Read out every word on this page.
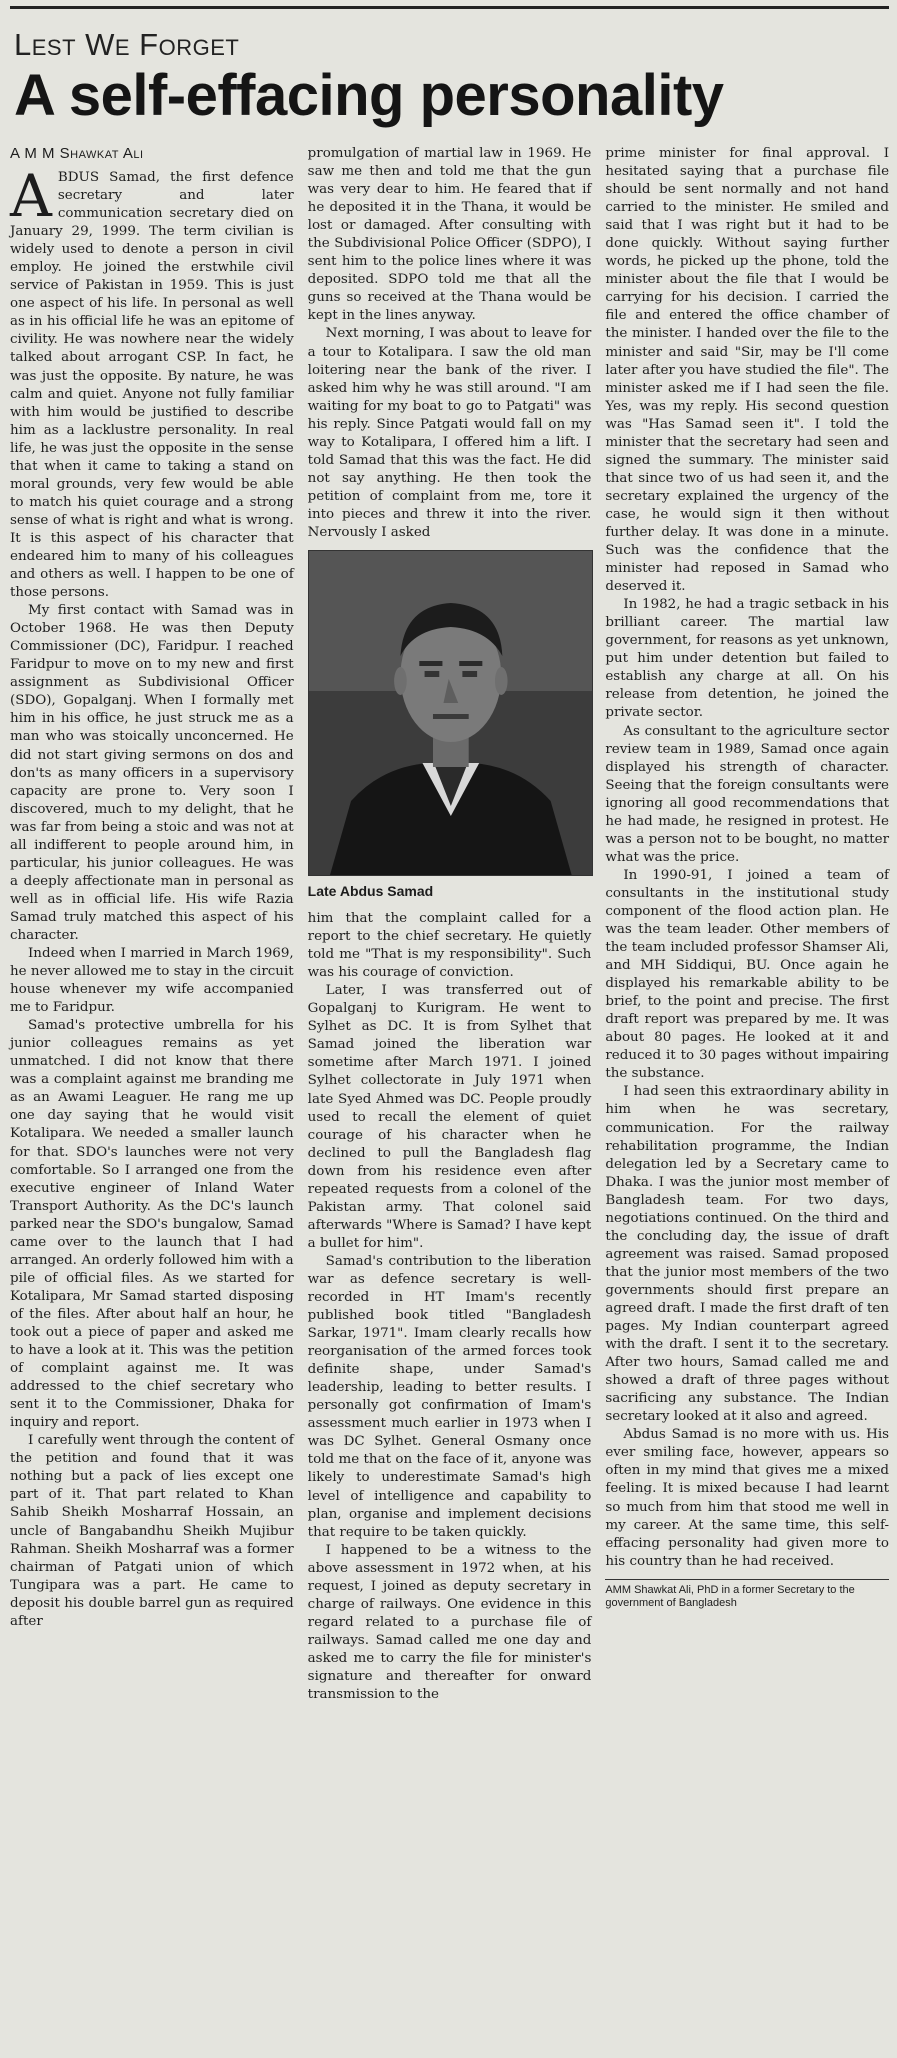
Lest We Forget
A self-effacing personality
A M M Shawkat Ali

ABDUS Samad, the first defence secretary and later communication secretary died on January 29, 1999. The term civilian is widely used to denote a person in civil employ. He joined the erstwhile civil service of Pakistan in 1959. This is just one aspect of his life. In personal as well as in his official life he was an epitome of civility. He was nowhere near the widely talked about arrogant CSP. In fact, he was just the opposite. By nature, he was calm and quiet. Anyone not fully familiar with him would be justified to describe him as a lacklustre personality. In real life, he was just the opposite in the sense that when it came to taking a stand on moral grounds, very few would be able to match his quiet courage and a strong sense of what is right and what is wrong. It is this aspect of his character that endeared him to many of his colleagues and others as well. I happen to be one of those persons.

My first contact with Samad was in October 1968. He was then Deputy Commissioner (DC), Faridpur. I reached Faridpur to move on to my new and first assignment as Subdivisional Officer (SDO), Gopalganj. When I formally met him in his office, he just struck me as a man who was stoically unconcerned. He did not start giving sermons on dos and don'ts as many officers in a supervisory capacity are prone to. Very soon I discovered, much to my delight, that he was far from being a stoic and was not at all indifferent to people around him, in particular, his junior colleagues. He was a deeply affectionate man in personal as well as in official life. His wife Razia Samad truly matched this aspect of his character.

Indeed when I married in March 1969, he never allowed me to stay in the circuit house whenever my wife accompanied me to Faridpur.

Samad's protective umbrella for his junior colleagues remains as yet unmatched. I did not know that there was a complaint against me branding me as an Awami Leaguer. He rang me up one day saying that he would visit Kotalipara. We needed a smaller launch for that. SDO's launches were not very comfortable. So I arranged one from the executive engineer of Inland Water Transport Authority. As the DC's launch parked near the SDO's bungalow, Samad came over to the launch that I had arranged. An orderly followed him with a pile of official files. As we started for Kotalipara, Mr Samad started disposing of the files. After about half an hour, he took out a piece of paper and asked me to have a look at it. This was the petition of complaint against me. It was addressed to the chief secretary who sent it to the Commissioner, Dhaka for inquiry and report.

I carefully went through the content of the petition and found that it was nothing but a pack of lies except one part of it. That part related to Khan Sahib Sheikh Mosharraf Hossain, an uncle of Bangabandhu Sheikh Mujibur Rahman. Sheikh Mosharraf was a former chairman of Patgati union of which Tungipara was a part. He came to deposit his double barrel gun as required after

promulgation of martial law in 1969. He saw me then and told me that the gun was very dear to him. He feared that if he deposited it in the Thana, it would be lost or damaged. After consulting with the Subdivisional Police Officer (SDPO), I sent him to the police lines where it was deposited. SDPO told me that all the guns so received at the Thana would be kept in the lines anyway.

Next morning, I was about to leave for a tour to Kotalipara. I saw the old man loitering near the bank of the river. I asked him why he was still around. "I am waiting for my boat to go to Patgati" was his reply. Since Patgati would fall on my way to Kotalipara, I offered him a lift. I told Samad that this was the fact. He did not say anything. He then took the petition of complaint from me, tore it into pieces and threw it into the river. Nervously I asked

Late Abdus Samad

him that the complaint called for a report to the chief secretary. He quietly told me "That is my responsibility". Such was his courage of conviction.

Later, I was transferred out of Gopalganj to Kurigram. He went to Sylhet as DC. It is from Sylhet that Samad joined the liberation war sometime after March 1971. I joined Sylhet collectorate in July 1971 when late Syed Ahmed was DC. People proudly used to recall the element of quiet courage of his character when he declined to pull the Bangladesh flag down from his residence even after repeated requests from a colonel of the Pakistan army. That colonel said afterwards "Where is Samad? I have kept a bullet for him".

Samad's contribution to the liberation war as defence secretary is well-recorded in HT Imam's recently published book titled "Bangladesh Sarkar, 1971". Imam clearly recalls how reorganisation of the armed forces took definite shape, under Samad's leadership, leading to better results. I personally got confirmation of Imam's assessment much earlier in 1973 when I was DC Sylhet. General Osmany once told me that on the face of it, anyone was likely to underestimate Samad's high level of intelligence and capability to plan, organise and implement decisions that require to be taken quickly.

I happened to be a witness to the above assessment in 1972 when, at his request, I joined as deputy secretary in charge of railways. One evidence in this regard related to a purchase file of railways. Samad called me one day and asked me to carry the file for minister's signature and thereafter for onward transmission to the

prime minister for final approval. I hesitated saying that a purchase file should be sent normally and not hand carried to the minister. He smiled and said that I was right but it had to be done quickly. Without saying further words, he picked up the phone, told the minister about the file that I would be carrying for his decision. I carried the file and entered the office chamber of the minister. I handed over the file to the minister and said "Sir, may be I'll come later after you have studied the file". The minister asked me if I had seen the file. Yes, was my reply. His second question was "Has Samad seen it". I told the minister that the secretary had seen and signed the summary. The minister said that since two of us had seen it, and the secretary explained the urgency of the case, he would sign it then without further delay. It was done in a minute. Such was the confidence that the minister had reposed in Samad who deserved it.

In 1982, he had a tragic setback in his brilliant career. The martial law government, for reasons as yet unknown, put him under detention but failed to establish any charge at all. On his release from detention, he joined the private sector.

As consultant to the agriculture sector review team in 1989, Samad once again displayed his strength of character. Seeing that the foreign consultants were ignoring all good recommendations that he had made, he resigned in protest. He was a person not to be bought, no matter what was the price.

In 1990-91, I joined a team of consultants in the institutional study component of the flood action plan. He was the team leader. Other members of the team included professor Shamser Ali, and MH Siddiqui, BU. Once again he displayed his remarkable ability to be brief, to the point and precise. The first draft report was prepared by me. It was about 80 pages. He looked at it and reduced it to 30 pages without impairing the substance.

I had seen this extraordinary ability in him when he was secretary, communication. For the railway rehabilitation programme, the Indian delegation led by a Secretary came to Dhaka. I was the junior most member of Bangladesh team. For two days, negotiations continued. On the third and the concluding day, the issue of draft agreement was raised. Samad proposed that the junior most members of the two governments should first prepare an agreed draft. I made the first draft of ten pages. My Indian counterpart agreed with the draft. I sent it to the secretary. After two hours, Samad called me and showed a draft of three pages without sacrificing any substance. The Indian secretary looked at it also and agreed.

Abdus Samad is no more with us. His ever smiling face, however, appears so often in my mind that gives me a mixed feeling. It is mixed because I had learnt so much from him that stood me well in my career. At the same time, this self-effacing personality had given more to his country than he had received.

AMM Shawkat Ali, PhD in a former Secretary to the government of Bangladesh
